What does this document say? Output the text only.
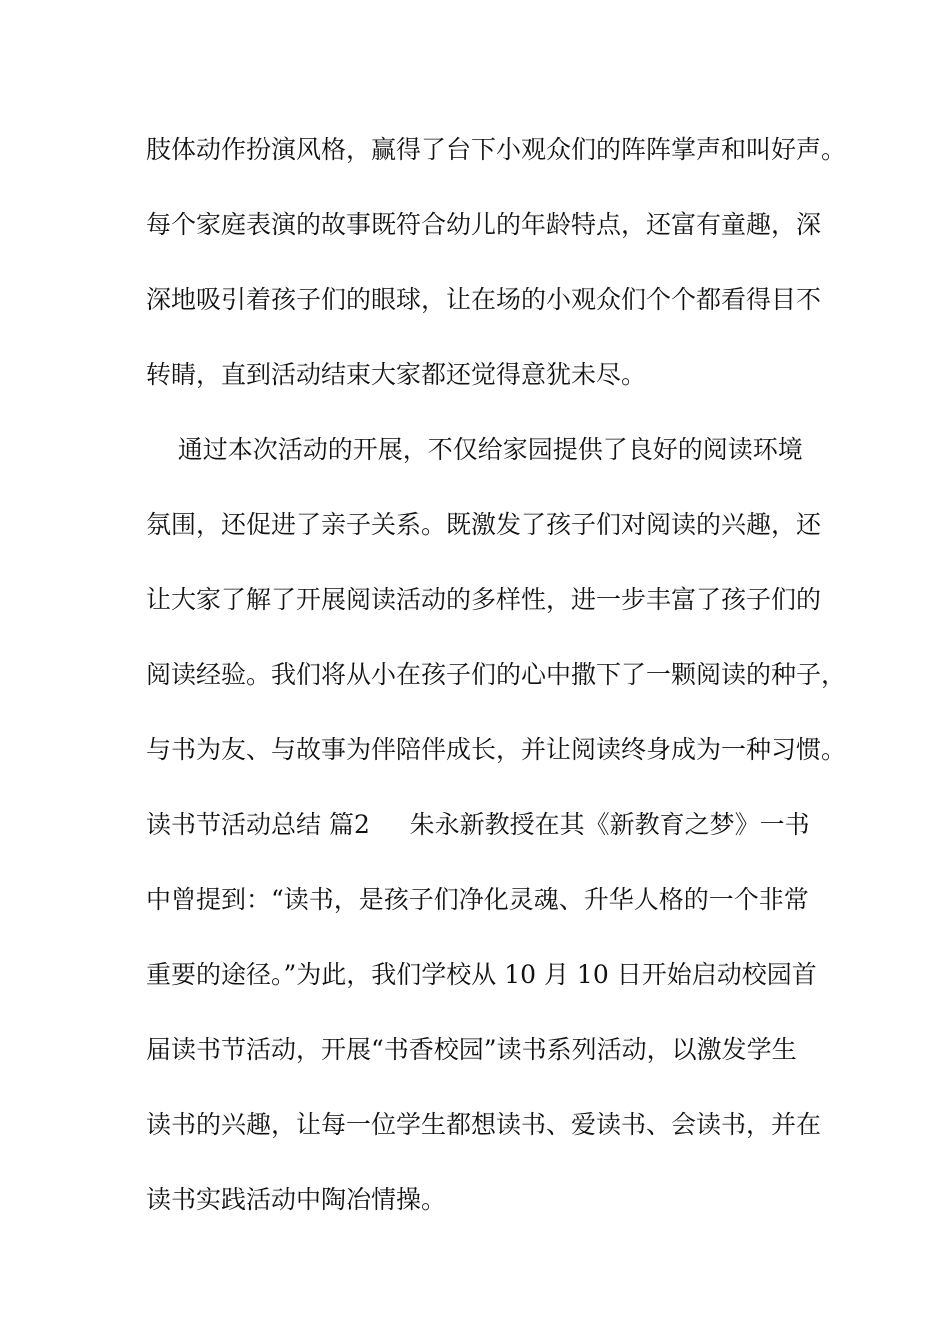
肢体动作扮演风格，赢得了台下小观众们的阵阵掌声和叫好声。
每个家庭表演的故事既符合幼儿的年龄特点，还富有童趣，深
深地吸引着孩子们的眼球，让在场的小观众们个个都看得目不
转睛，直到活动结束大家都还觉得意犹未尽。
通过本次活动的开展，不仅给家园提供了良好的阅读环境
氛围，还促进了亲子关系。既激发了孩子们对阅读的兴趣，还
让大家了解了开展阅读活动的多样性，进一步丰富了孩子们的
阅读经验。我们将从小在孩子们的心中撒下了一颗阅读的种子，
与书为友、与故事为伴陪伴成长，并让阅读终身成为一种习惯。
读书节活动总结 篇2     朱永新教授在其《新教育之梦》一书
中曾提到：“读书，是孩子们净化灵魂、升华人格的一个非常
重要的途径。”为此，我们学校从 10 月 10 日开始启动校园首
届读书节活动，开展“书香校园”读书系列活动，以激发学生
读书的兴趣，让每一位学生都想读书、爱读书、会读书，并在
读书实践活动中陶冶情操。
